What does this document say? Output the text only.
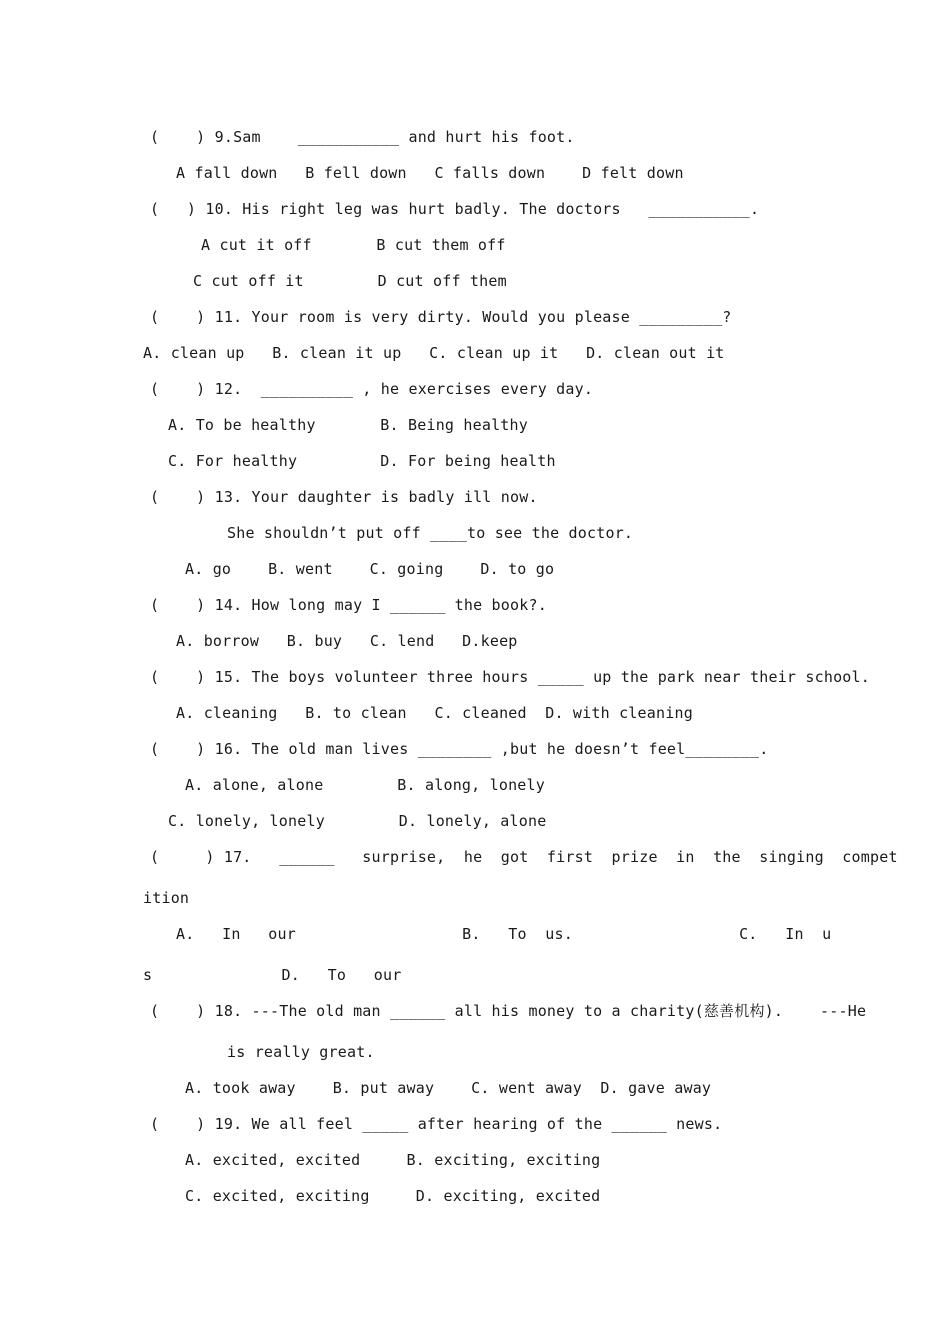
(    ) 9.Sam    ___________ and hurt his foot.
A fall down   B fell down   C falls down    D felt down
(   ) 10. His right leg was hurt badly. The doctors   ___________.
A cut it off       B cut them off
C cut off it        D cut off them
(    ) 11. Your room is very dirty. Would you please _________?
A. clean up   B. clean it up   C. clean up it   D. clean out it
(    ) 12.  __________ , he exercises every day.
A. To be healthy       B. Being healthy
C. For healthy         D. For being health
(    ) 13. Your daughter is badly ill now.
She shouldn’t put off ____to see the doctor.
A. go    B. went    C. going    D. to go
(    ) 14. How long may I ______ the book?.
A. borrow   B. buy   C. lend   D.keep
(    ) 15. The boys volunteer three hours _____ up the park near their school.
A. cleaning   B. to clean   C. cleaned  D. with cleaning
(    ) 16. The old man lives ________ ,but he doesn’t feel________.
A. alone, alone        B. along, lonely
C. lonely, lonely        D. lonely, alone
(     ) 17.   ______   surprise,  he  got  first  prize  in  the  singing  compet
ition
A.   In   our                  B.   To  us.                  C.   In  u
s              D.   To   our
(    ) 18. ---The old man ______ all his money to a charity(慈善机构).    ---He
is really great.
A. took away    B. put away    C. went away  D. gave away
(    ) 19. We all feel _____ after hearing of the ______ news.
A. excited, excited     B. exciting, exciting
C. excited, exciting     D. exciting, excited
